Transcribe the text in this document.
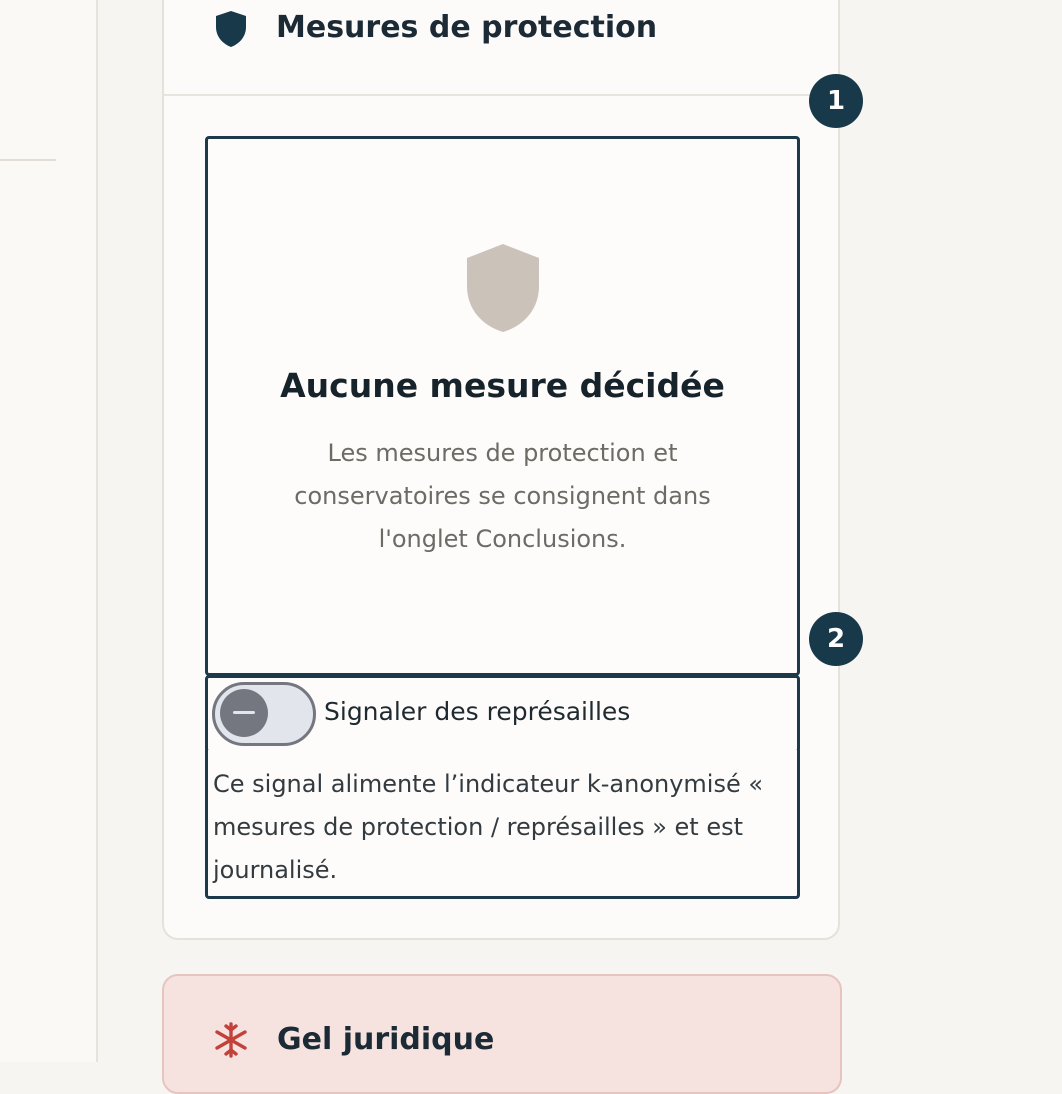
Mesures de protection
Aucune mesure décidée
Les mesures de protection et conservatoires se consignent dans l'onglet Conclusions.
Signaler des représailles
Ce signal alimente l’indicateur k-anonymisé « mesures de protection / représailles » et est journalisé.
1
2
Gel juridique
